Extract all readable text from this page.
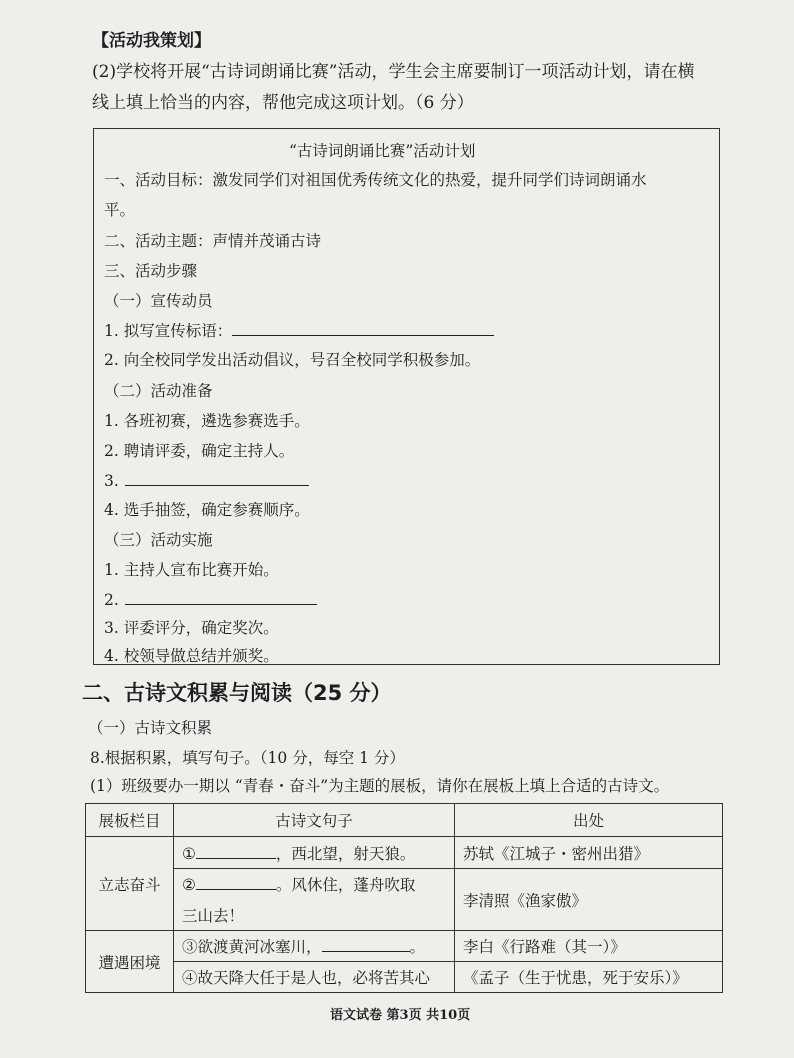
【活动我策划】
(2)学校将开展“古诗词朗诵比赛”活动，学生会主席要制订一项活动计划，请在横
线上填上恰当的内容，帮他完成这项计划。（6 分）
“古诗词朗诵比赛”活动计划
一、活动目标：激发同学们对祖国优秀传统文化的热爱，提升同学们诗词朗诵水
平。
二、活动主题：声情并茂诵古诗
三、活动步骤
（一）宣传动员
1. 拟写宣传标语：
2. 向全校同学发出活动倡议，号召全校同学积极参加。
（二）活动准备
1. 各班初赛，遴选参赛选手。
2. 聘请评委，确定主持人。
3.
4. 选手抽签，确定参赛顺序。
（三）活动实施
1. 主持人宣布比赛开始。
2.
3. 评委评分，确定奖次。
4. 校领导做总结并颁奖。
二、古诗文积累与阅读（25 分）
（一）古诗文积累
8.根据积累，填写句子。（10 分，每空 1 分）
(1）班级要办一期以 “青春・奋斗”为主题的展板，请你在展板上填上合适的古诗文。
展板栏目	古诗文句子	出处
立志奋斗	① ，西北望，射天狼。	苏轼《江城子・密州出猎》
	② 。风休住，蓬舟吹取	李清照《渔家傲》
	三山去！	
遭遇困境	③欲渡黄河冰塞川， 。	李白《行路难（其一）》
	④故天降大任于是人也，必将苦其心	《孟子（生于忧患，死于安乐）》
语文试卷 第3页 共10页
